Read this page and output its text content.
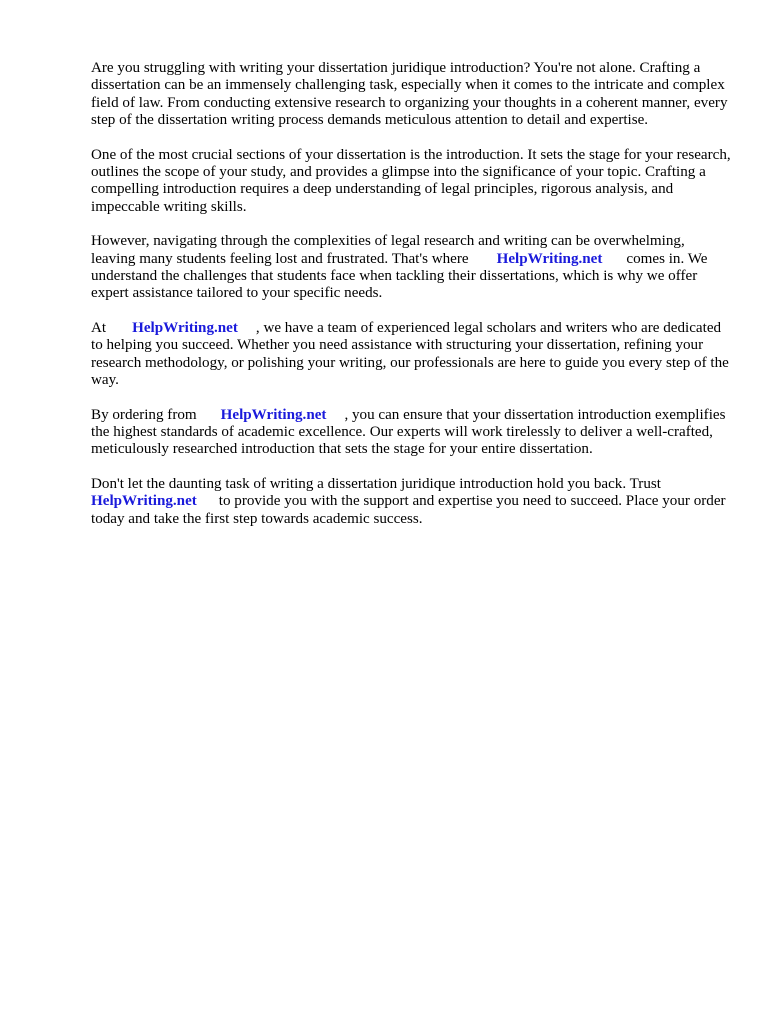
Are you struggling with writing your dissertation juridique introduction? You're not alone. Crafting a dissertation can be an immensely challenging task, especially when it comes to the intricate and complex field of law. From conducting extensive research to organizing your thoughts in a coherent manner, every step of the dissertation writing process demands meticulous attention to detail and expertise.

One of the most crucial sections of your dissertation is the introduction. It sets the stage for your research, outlines the scope of your study, and provides a glimpse into the significance of your topic. Crafting a compelling introduction requires a deep understanding of legal principles, rigorous analysis, and impeccable writing skills.

However, navigating through the complexities of legal research and writing can be overwhelming, leaving many students feeling lost and frustrated. That's where HelpWriting.net comes in. We understand the challenges that students face when tackling their dissertations, which is why we offer expert assistance tailored to your specific needs.

At HelpWriting.net , we have a team of experienced legal scholars and writers who are dedicated to helping you succeed. Whether you need assistance with structuring your dissertation, refining your research methodology, or polishing your writing, our professionals are here to guide you every step of the way.

By ordering from HelpWriting.net , you can ensure that your dissertation introduction exemplifies the highest standards of academic excellence. Our experts will work tirelessly to deliver a well-crafted, meticulously researched introduction that sets the stage for your entire dissertation.

Don't let the daunting task of writing a dissertation juridique introduction hold you back. Trust HelpWriting.net to provide you with the support and expertise you need to succeed. Place your order today and take the first step towards academic success.
